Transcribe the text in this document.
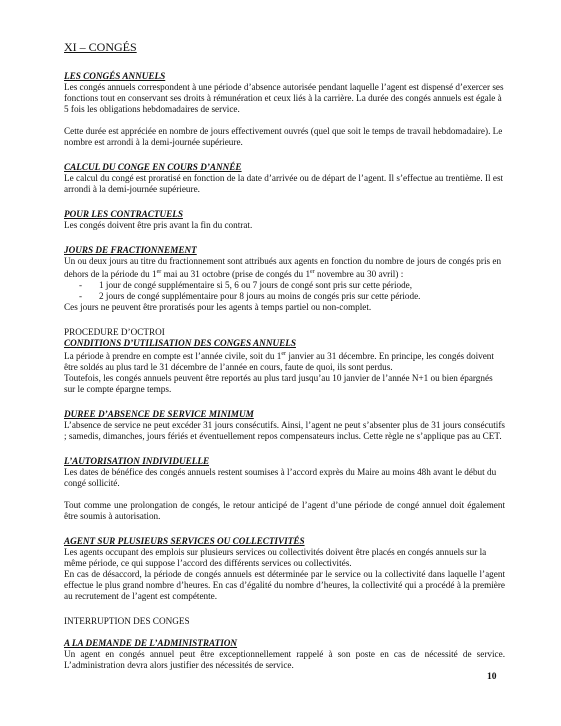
XI – CONGÉS
LES CONGÉS ANNUELS

Les congés annuels correspondent à une période d’absence autorisée pendant laquelle l’agent est dispensé d’exercer ses fonctions tout en conservant ses droits à rémunération et ceux liés à la carrière. La durée des congés annuels est égale à 5 fois les obligations hebdomadaires de service.

Cette durée est appréciée en nombre de jours effectivement ouvrés (quel que soit le temps de travail hebdomadaire). Le nombre est arrondi à la demi-journée supérieure.

CALCUL DU CONGE EN COURS D’ANNÉE

Le calcul du congé est proratisé en fonction de la date d’arrivée ou de départ de l’agent. Il s’effectue au trentième. Il est arrondi à la demi-journée supérieure.

POUR LES CONTRACTUELS

Les congés doivent être pris avant la fin du contrat.

JOURS DE FRACTIONNEMENT

Un ou deux jours au titre du fractionnement sont attribués aux agents en fonction du nombre de jours de congés pris en dehors de la période du 1er mai au 31 octobre (prise de congés du 1er novembre au 30 avril) :

- 1 jour de congé supplémentaire si 5, 6 ou 7 jours de congé sont pris sur cette période,
- 2 jours de congé supplémentaire pour 8 jours au moins de congés pris sur cette période.

Ces jours ne peuvent être proratisés pour les agents à temps partiel ou non-complet.

PROCEDURE D’OCTROI
CONDITIONS D’UTILISATION DES CONGES ANNUELS

La période à prendre en compte est l’année civile, soit du 1er janvier au 31 décembre. En principe, les congés doivent être soldés au plus tard le 31 décembre de l’année en cours, faute de quoi, ils sont perdus.

Toutefois, les congés annuels peuvent être reportés au plus tard jusqu’au 10 janvier de l’année N+1 ou bien épargnés sur le compte épargne temps.

DUREE D’ABSENCE DE SERVICE MINIMUM

L’absence de service ne peut excéder 31 jours consécutifs. Ainsi, l’agent ne peut s’absenter plus de 31 jours consécutifs ; samedis, dimanches, jours fériés et éventuellement repos compensateurs inclus. Cette règle ne s’applique pas au CET.

L’AUTORISATION INDIVIDUELLE

Les dates de bénéfice des congés annuels restent soumises à l’accord exprès du Maire au moins 48h avant le début du congé sollicité.

Tout comme une prolongation de congés, le retour anticipé de l’agent d’une période de congé annuel doit également être soumis à autorisation.

AGENT SUR PLUSIEURS SERVICES OU COLLECTIVITÉS

Les agents occupant des emplois sur plusieurs services ou collectivités doivent être placés en congés annuels sur la même période, ce qui suppose l’accord des différents services ou collectivités.

En cas de désaccord, la période de congés annuels est déterminée par le service ou la collectivité dans laquelle l’agent effectue le plus grand nombre d’heures. En cas d’égalité du nombre d’heures, la collectivité qui a procédé à la première au recrutement de l’agent est compétente.

INTERRUPTION DES CONGES
A LA DEMANDE DE L’ADMINISTRATION

Un agent en congés annuel peut être exceptionnellement rappelé à son poste en cas de nécessité de service. L’administration devra alors justifier des nécessités de service.

10
